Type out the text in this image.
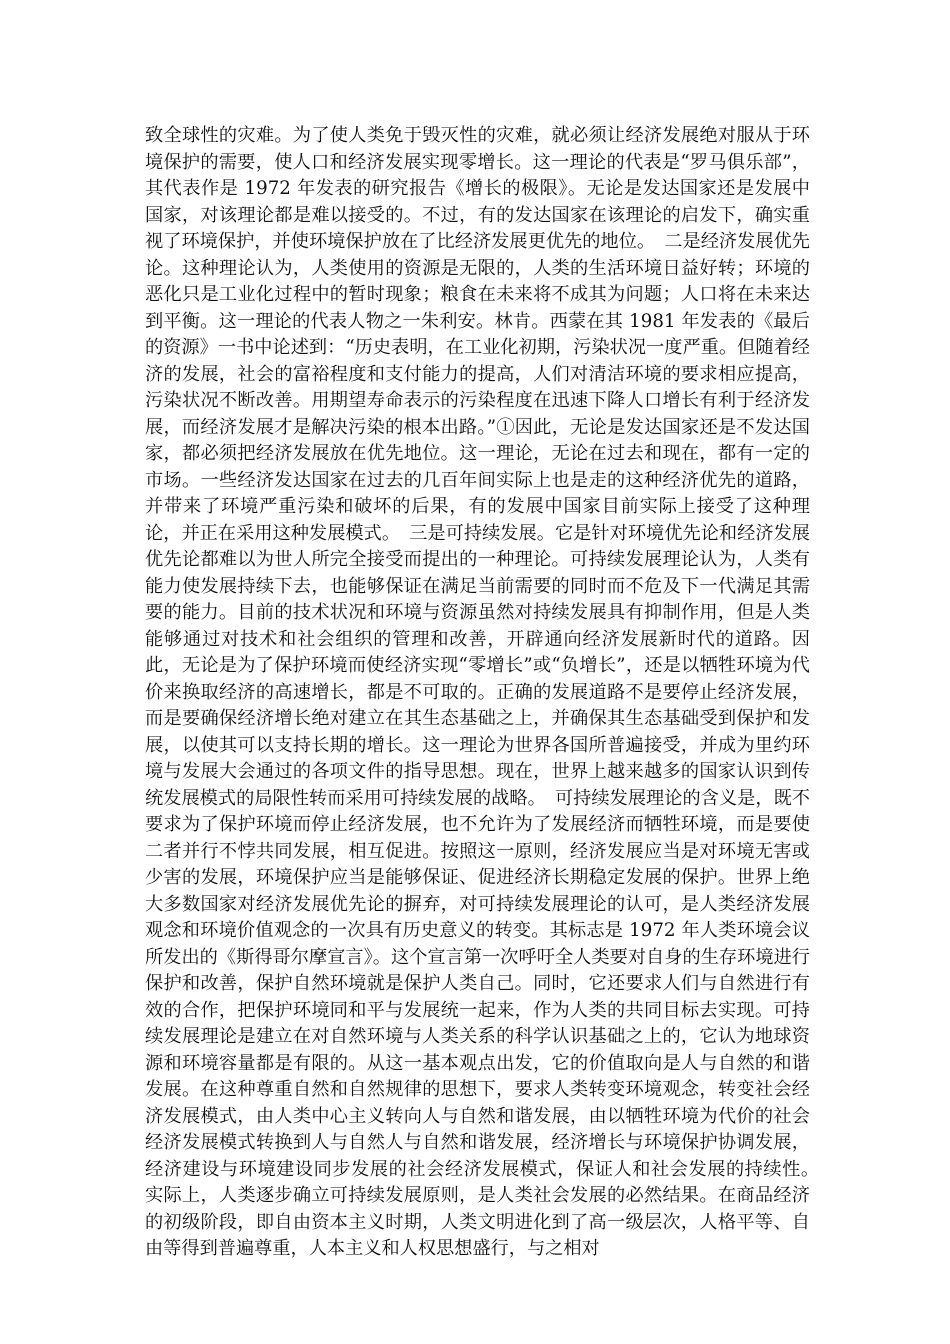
致全球性的灾难。为了使人类免于毁灭性的灾难，就必须让经济发展绝对服从于环境保护的需要，使人口和经济发展实现零增长。这一理论的代表是“罗马俱乐部”，其代表作是 1972 年发表的研究报告《增长的极限》。无论是发达国家还是发展中国家，对该理论都是难以接受的。不过，有的发达国家在该理论的启发下，确实重视了环境保护，并使环境保护放在了比经济发展更优先的地位。　二是经济发展优先论。这种理论认为，人类使用的资源是无限的，人类的生活环境日益好转；环境的恶化只是工业化过程中的暂时现象；粮食在未来将不成其为问题；人口将在未来达到平衡。这一理论的代表人物之一朱利安。林肯。西蒙在其 1981 年发表的《最后的资源》一书中论述到：“历史表明，在工业化初期，污染状况一度严重。但随着经济的发展，社会的富裕程度和支付能力的提高，人们对清洁环境的要求相应提高，污染状况不断改善。用期望寿命表示的污染程度在迅速下降人口增长有利于经济发展，而经济发展才是解决污染的根本出路。”①因此，无论是发达国家还是不发达国家，都必须把经济发展放在优先地位。这一理论，无论在过去和现在，都有一定的市场。一些经济发达国家在过去的几百年间实际上也是走的这种经济优先的道路，并带来了环境严重污染和破坏的后果，有的发展中国家目前实际上接受了这种理论，并正在采用这种发展模式。　三是可持续发展。它是针对环境优先论和经济发展优先论都难以为世人所完全接受而提出的一种理论。可持续发展理论认为，人类有能力使发展持续下去，也能够保证在满足当前需要的同时而不危及下一代满足其需要的能力。目前的技术状况和环境与资源虽然对持续发展具有抑制作用，但是人类能够通过对技术和社会组织的管理和改善，开辟通向经济发展新时代的道路。因此，无论是为了保护环境而使经济实现“零增长”或“负增长”，还是以牺牲环境为代价来换取经济的高速增长，都是不可取的。正确的发展道路不是要停止经济发展，而是要确保经济增长绝对建立在其生态基础之上，并确保其生态基础受到保护和发展，以使其可以支持长期的增长。这一理论为世界各国所普遍接受，并成为里约环境与发展大会通过的各项文件的指导思想。现在，世界上越来越多的国家认识到传统发展模式的局限性转而采用可持续发展的战略。　可持续发展理论的含义是，既不要求为了保护环境而停止经济发展，也不允许为了发展经济而牺牲环境，而是要使二者并行不悖共同发展，相互促进。按照这一原则，经济发展应当是对环境无害或少害的发展，环境保护应当是能够保证、促进经济长期稳定发展的保护。世界上绝大多数国家对经济发展优先论的摒弃，对可持续发展理论的认可，是人类经济发展观念和环境价值观念的一次具有历史意义的转变。其标志是 1972 年人类环境会议所发出的《斯得哥尔摩宣言》。这个宣言第一次呼吁全人类要对自身的生存环境进行保护和改善，保护自然环境就是保护人类自己。同时，它还要求人们与自然进行有效的合作，把保护环境同和平与发展统一起来，作为人类的共同目标去实现。可持续发展理论是建立在对自然环境与人类关系的科学认识基础之上的，它认为地球资源和环境容量都是有限的。从这一基本观点出发，它的价值取向是人与自然的和谐发展。在这种尊重自然和自然规律的思想下，要求人类转变环境观念，转变社会经济发展模式，由人类中心主义转向人与自然和谐发展，由以牺牲环境为代价的社会经济发展模式转换到人与自然人与自然和谐发展，经济增长与环境保护协调发展，经济建设与环境建设同步发展的社会经济发展模式，保证人和社会发展的持续性。　实际上，人类逐步确立可持续发展原则，是人类社会发展的必然结果。在商品经济的初级阶段，即自由资本主义时期，人类文明进化到了高一级层次，人格平等、自由等得到普遍尊重，人本主义和人权思想盛行，与之相对
